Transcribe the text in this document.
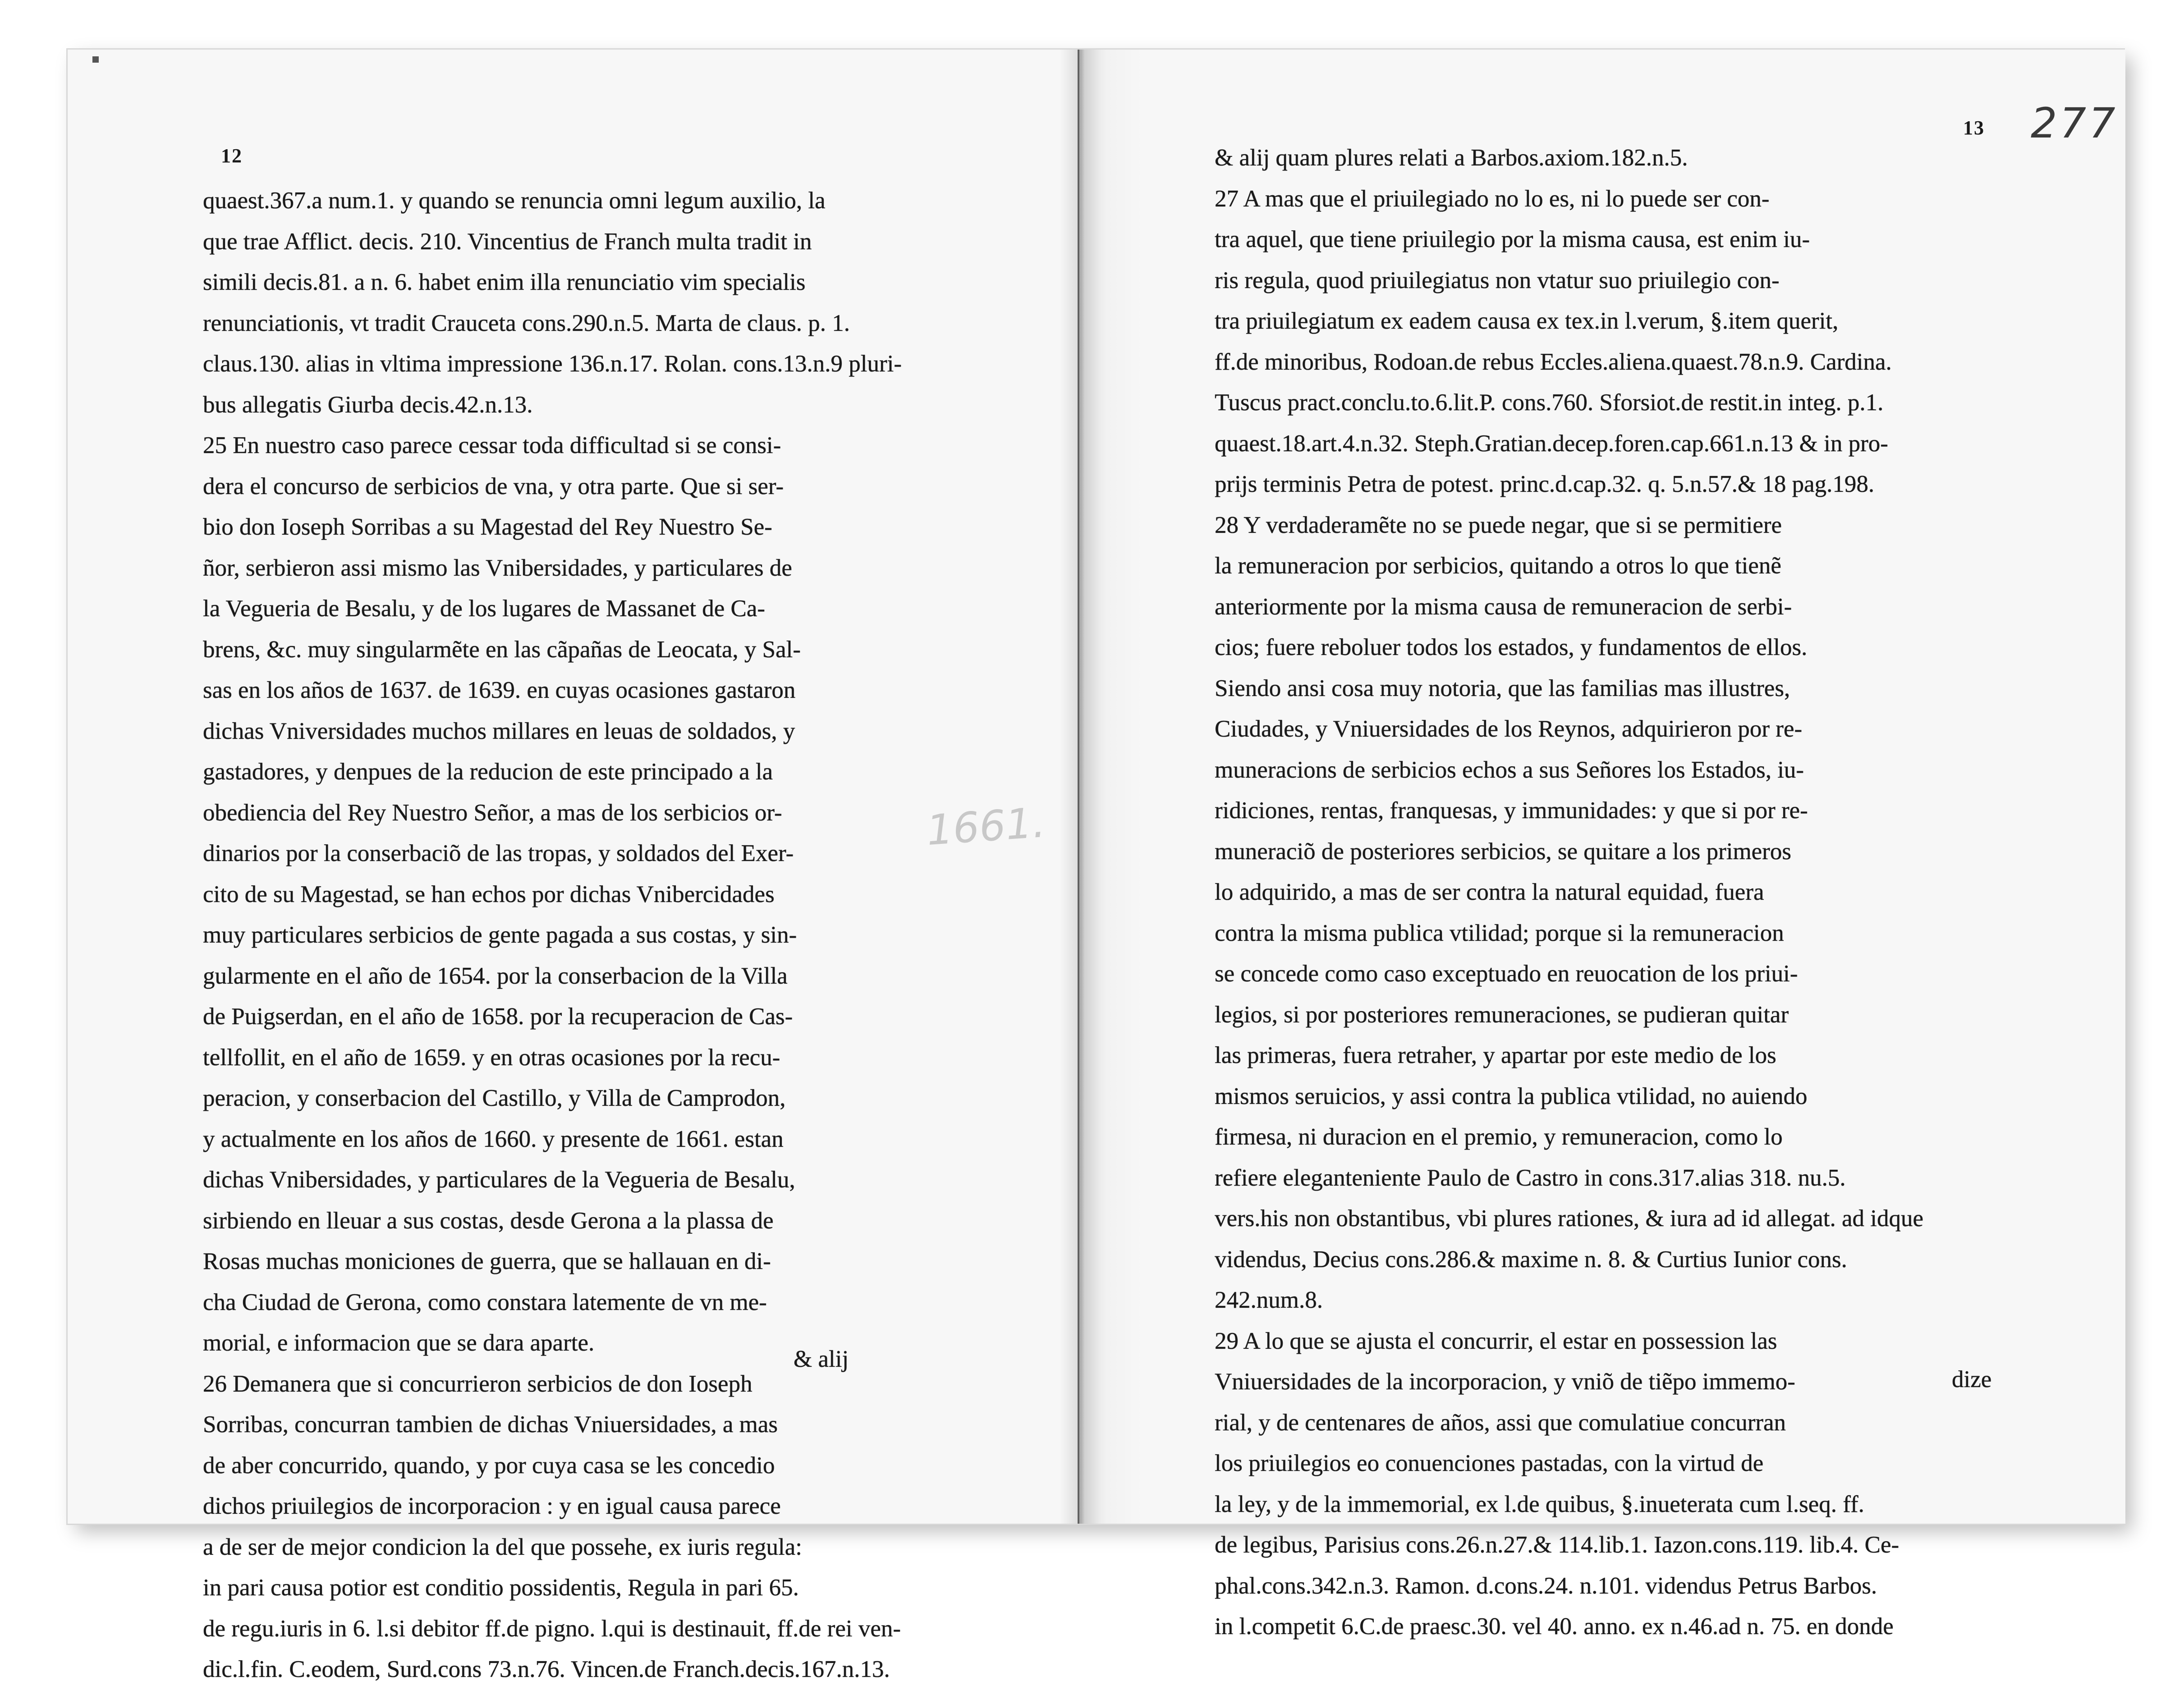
12
quaest.367.a num.1. y quando se renuncia omni legum auxilio, la
que trae Afflict. decis. 210. Vincentius de Franch multa tradit in
simili decis.81. a n. 6. habet enim illa renunciatio vim specialis
renunciationis, vt tradit Crauceta cons.290.n.5. Marta de claus. p. 1.
claus.130. alias in vltima impressione 136.n.17. Rolan. cons.13.n.9 pluri-
bus allegatis Giurba decis.42.n.13.
25 En nuestro caso parece cessar toda difficultad si se consi-
dera el concurso de serbicios de vna, y otra parte. Que si ser-
bio don Ioseph Sorribas a su Magestad del Rey Nuestro Se-
ñor, serbieron assi mismo las Vnibersidades, y particulares de
la Vegueria de Besalu, y de los lugares de Massanet de Ca-
brens, &c. muy singularmẽte en las cãpañas de Leocata, y Sal-
sas en los años de 1637. de 1639. en cuyas ocasiones gastaron
dichas Vniversidades muchos millares en leuas de soldados, y
gastadores, y denpues de la reducion de este principado a la
obediencia del Rey Nuestro Señor, a mas de los serbicios or-
dinarios por la conserbaciõ de las tropas, y soldados del Exer-
cito de su Magestad, se han echos por dichas Vnibercidades
muy particulares serbicios de gente pagada a sus costas, y sin-
gularmente en el año de 1654. por la conserbacion de la Villa
de Puigserdan, en el año de 1658. por la recuperacion de Cas-
tellfollit, en el año de 1659. y en otras ocasiones por la recu-
peracion, y conserbacion del Castillo, y Villa de Camprodon,
y actualmente en los años de 1660. y presente de 1661. estan
dichas Vnibersidades, y particulares de la Vegueria de Besalu,
sirbiendo en lleuar a sus costas, desde Gerona a la plassa de
Rosas muchas moniciones de guerra, que se hallauan en di-
cha Ciudad de Gerona, como constara latemente de vn me-
morial, e informacion que se dara aparte.
26 Demanera que si concurrieron serbicios de don Ioseph
Sorribas, concurran tambien de dichas Vniuersidades, a mas
de aber concurrido, quando, y por cuya casa se les concedio
dichos priuilegios de incorporacion : y en igual causa parece
a de ser de mejor condicion la del que possehe, ex iuris regula:
in pari causa potior est conditio possidentis, Regula in pari 65.
de regu.iuris in 6. l.si debitor ff.de pigno. l.qui is destinauit, ff.de rei ven-
dic.l.fin. C.eodem, Surd.cons 73.n.76. Vincen.de Franch.decis.167.n.13.
& alij
277
13
& alij quam plures relati a Barbos.axiom.182.n.5.
27 A mas que el priuilegiado no lo es, ni lo puede ser con-
tra aquel, que tiene priuilegio por la misma causa, est enim iu-
ris regula, quod priuilegiatus non vtatur suo priuilegio con-
tra priuilegiatum ex eadem causa ex tex.in l.verum, §.item querit,
ff.de minoribus, Rodoan.de rebus Eccles.aliena.quaest.78.n.9. Cardina.
Tuscus pract.conclu.to.6.lit.P. cons.760. Sforsiot.de restit.in integ. p.1.
quaest.18.art.4.n.32. Steph.Gratian.decep.foren.cap.661.n.13 & in pro-
prijs terminis Petra de potest. princ.d.cap.32. q. 5.n.57.& 18 pag.198.
28 Y verdaderamẽte no se puede negar, que si se permitiere
la remuneracion por serbicios, quitando a otros lo que tienẽ
anteriormente por la misma causa de remuneracion de serbi-
cios; fuere reboluer todos los estados, y fundamentos de ellos.
Siendo ansi cosa muy notoria, que las familias mas illustres,
Ciudades, y Vniuersidades de los Reynos, adquirieron por re-
muneracions de serbicios echos a sus Señores los Estados, iu-
ridiciones, rentas, franquesas, y immunidades: y que si por re-
muneraciõ de posteriores serbicios, se quitare a los primeros
lo adquirido, a mas de ser contra la natural equidad, fuera
contra la misma publica vtilidad; porque si la remuneracion
se concede como caso exceptuado en reuocation de los priui-
legios, si por posteriores remuneraciones, se pudieran quitar
las primeras, fuera retraher, y apartar por este medio de los
mismos seruicios, y assi contra la publica vtilidad, no auiendo
firmesa, ni duracion en el premio, y remuneracion, como lo
refiere eleganteniente Paulo de Castro in cons.317.alias 318. nu.5.
vers.his non obstantibus, vbi plures rationes, & iura ad id allegat. ad idque
videndus, Decius cons.286.& maxime n. 8. & Curtius Iunior cons.
242.num.8.
29 A lo que se ajusta el concurrir, el estar en possession las
Vniuersidades de la incorporacion, y vniõ de tiẽpo immemo-
rial, y de centenares de años, assi que comulatiue concurran
los priuilegios eo conuenciones pastadas, con la virtud de
la ley, y de la immemorial, ex l.de quibus, §.inueterata cum l.seq. ff.
de legibus, Parisius cons.26.n.27.& 114.lib.1. Iazon.cons.119. lib.4. Ce-
phal.cons.342.n.3. Ramon. d.cons.24. n.101. videndus Petrus Barbos.
in l.competit 6.C.de praesc.30. vel 40. anno. ex n.46.ad n. 75. en donde
dize
1661.
